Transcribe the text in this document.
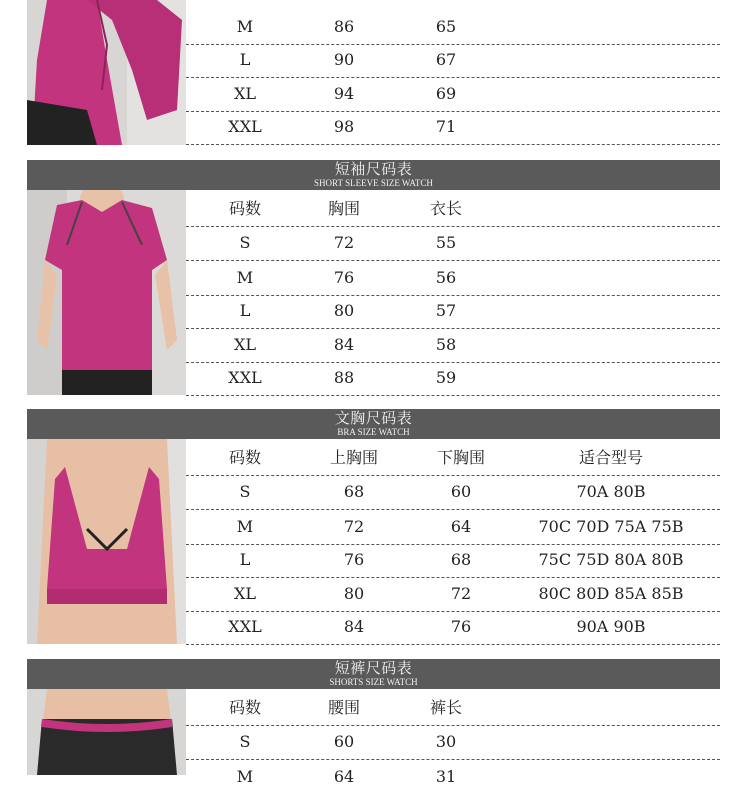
M	86	65
L	90	67
XL	94	69
XXL	98	71
短袖尺码表
SHORT SLEEVE SIZE WATCH
码数	胸围	衣长
S	72	55
M	76	56
L	80	57
XL	84	58
XXL	88	59
文胸尺码表
BRA SIZE WATCH
码数	上胸围	下胸围	适合型号
S	68	60	70A 80B
M	72	64	70C 70D 75A 75B
L	76	68	75C 75D 80A 80B
XL	80	72	80C 80D 85A 85B
XXL	84	76	90A 90B
短裤尺码表
SHORTS SIZE WATCH
码数	腰围	裤长
S	60	30
M	64	31
